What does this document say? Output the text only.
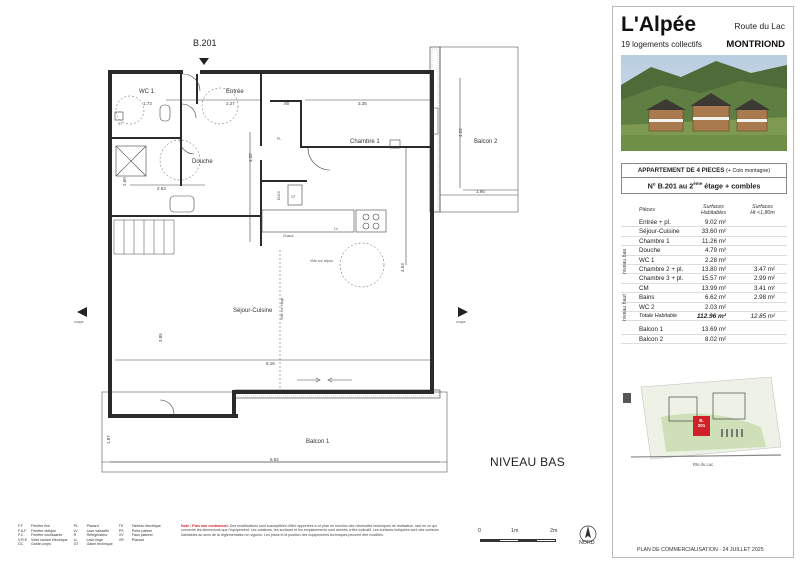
B.201
WC 1	Entrée
Douche
Chambre 1	Balcon 2
Séjour-Cuisine
Balcon 1
Vide sur séjour
Vide sur étage
PL
ELEC	GT
ST
Chaud.
LV
1.73	2.27	.80	3.35
4.32
2.60
2.63
1.95
4.22
3.85
4.53
8.16
6.62
1.87
coupe	coupe
NIVEAU BAS
L'Alpée	Route du Lac
19 logements collectifs	MONTRIOND
APPARTEMENT DE 4 PIECES (+ Coin montagne)
N° B.201 au 2ème étage + combles
Pièces	Surfaces
Habitables
Surfaces
Ht <1,80m
Entrée + pl.	9.02 m²
Séjour-Cuisine	33.60 m²
Chambre 1	11.26 m²
Douche	4.79 m²
WC 1	2.28 m²
Chambre 2 + pl.	13.80 m²	3.47 m²
Chambre 3 + pl.	15.57 m²	2.99 m²
CM	13.99 m²	3.41 m²
Bains	6.62 m²	2.98 m²
WC 2	2.03 m²
Totale Habitable	112.96 m²	12.85 m²
Balcon 1	13.69 m²
Balcon 2	8.02 m²
niveau bas
niveau haut
B.
201
Rte du Lac
PLAN DE COMMERCIALISATION - 24 JUILLET 2025
F.F Fenêtre fixe
F.A.F Fenêtre oblique
F.C Fenêtre coulissante
V.R.E Volet roulant électrique
GC Garde-corps
PL Placard
LV Lave vaisselle
R	Réfrigérateur
LL	Lave linge
GT Gaine technique
TE Tableau électrique
PS Porte palière
VV Faux plafond
VR Placard
Note : Plan non contractuel. Des modifications sont susceptibles d'être apportées à ce plan en fonction des nécessités techniques de réalisation, tant en ce qui concerne les dimensions que l'équipement. Les cotations, les surfaces et les emplacements sont donnés à titre indicatif. Les surfaces indiquées sont des surfaces habitables au sens de la réglementation en vigueur. Les plans et la position des équipements techniques peuvent être modifiés.
0	1m	2m
NORD
